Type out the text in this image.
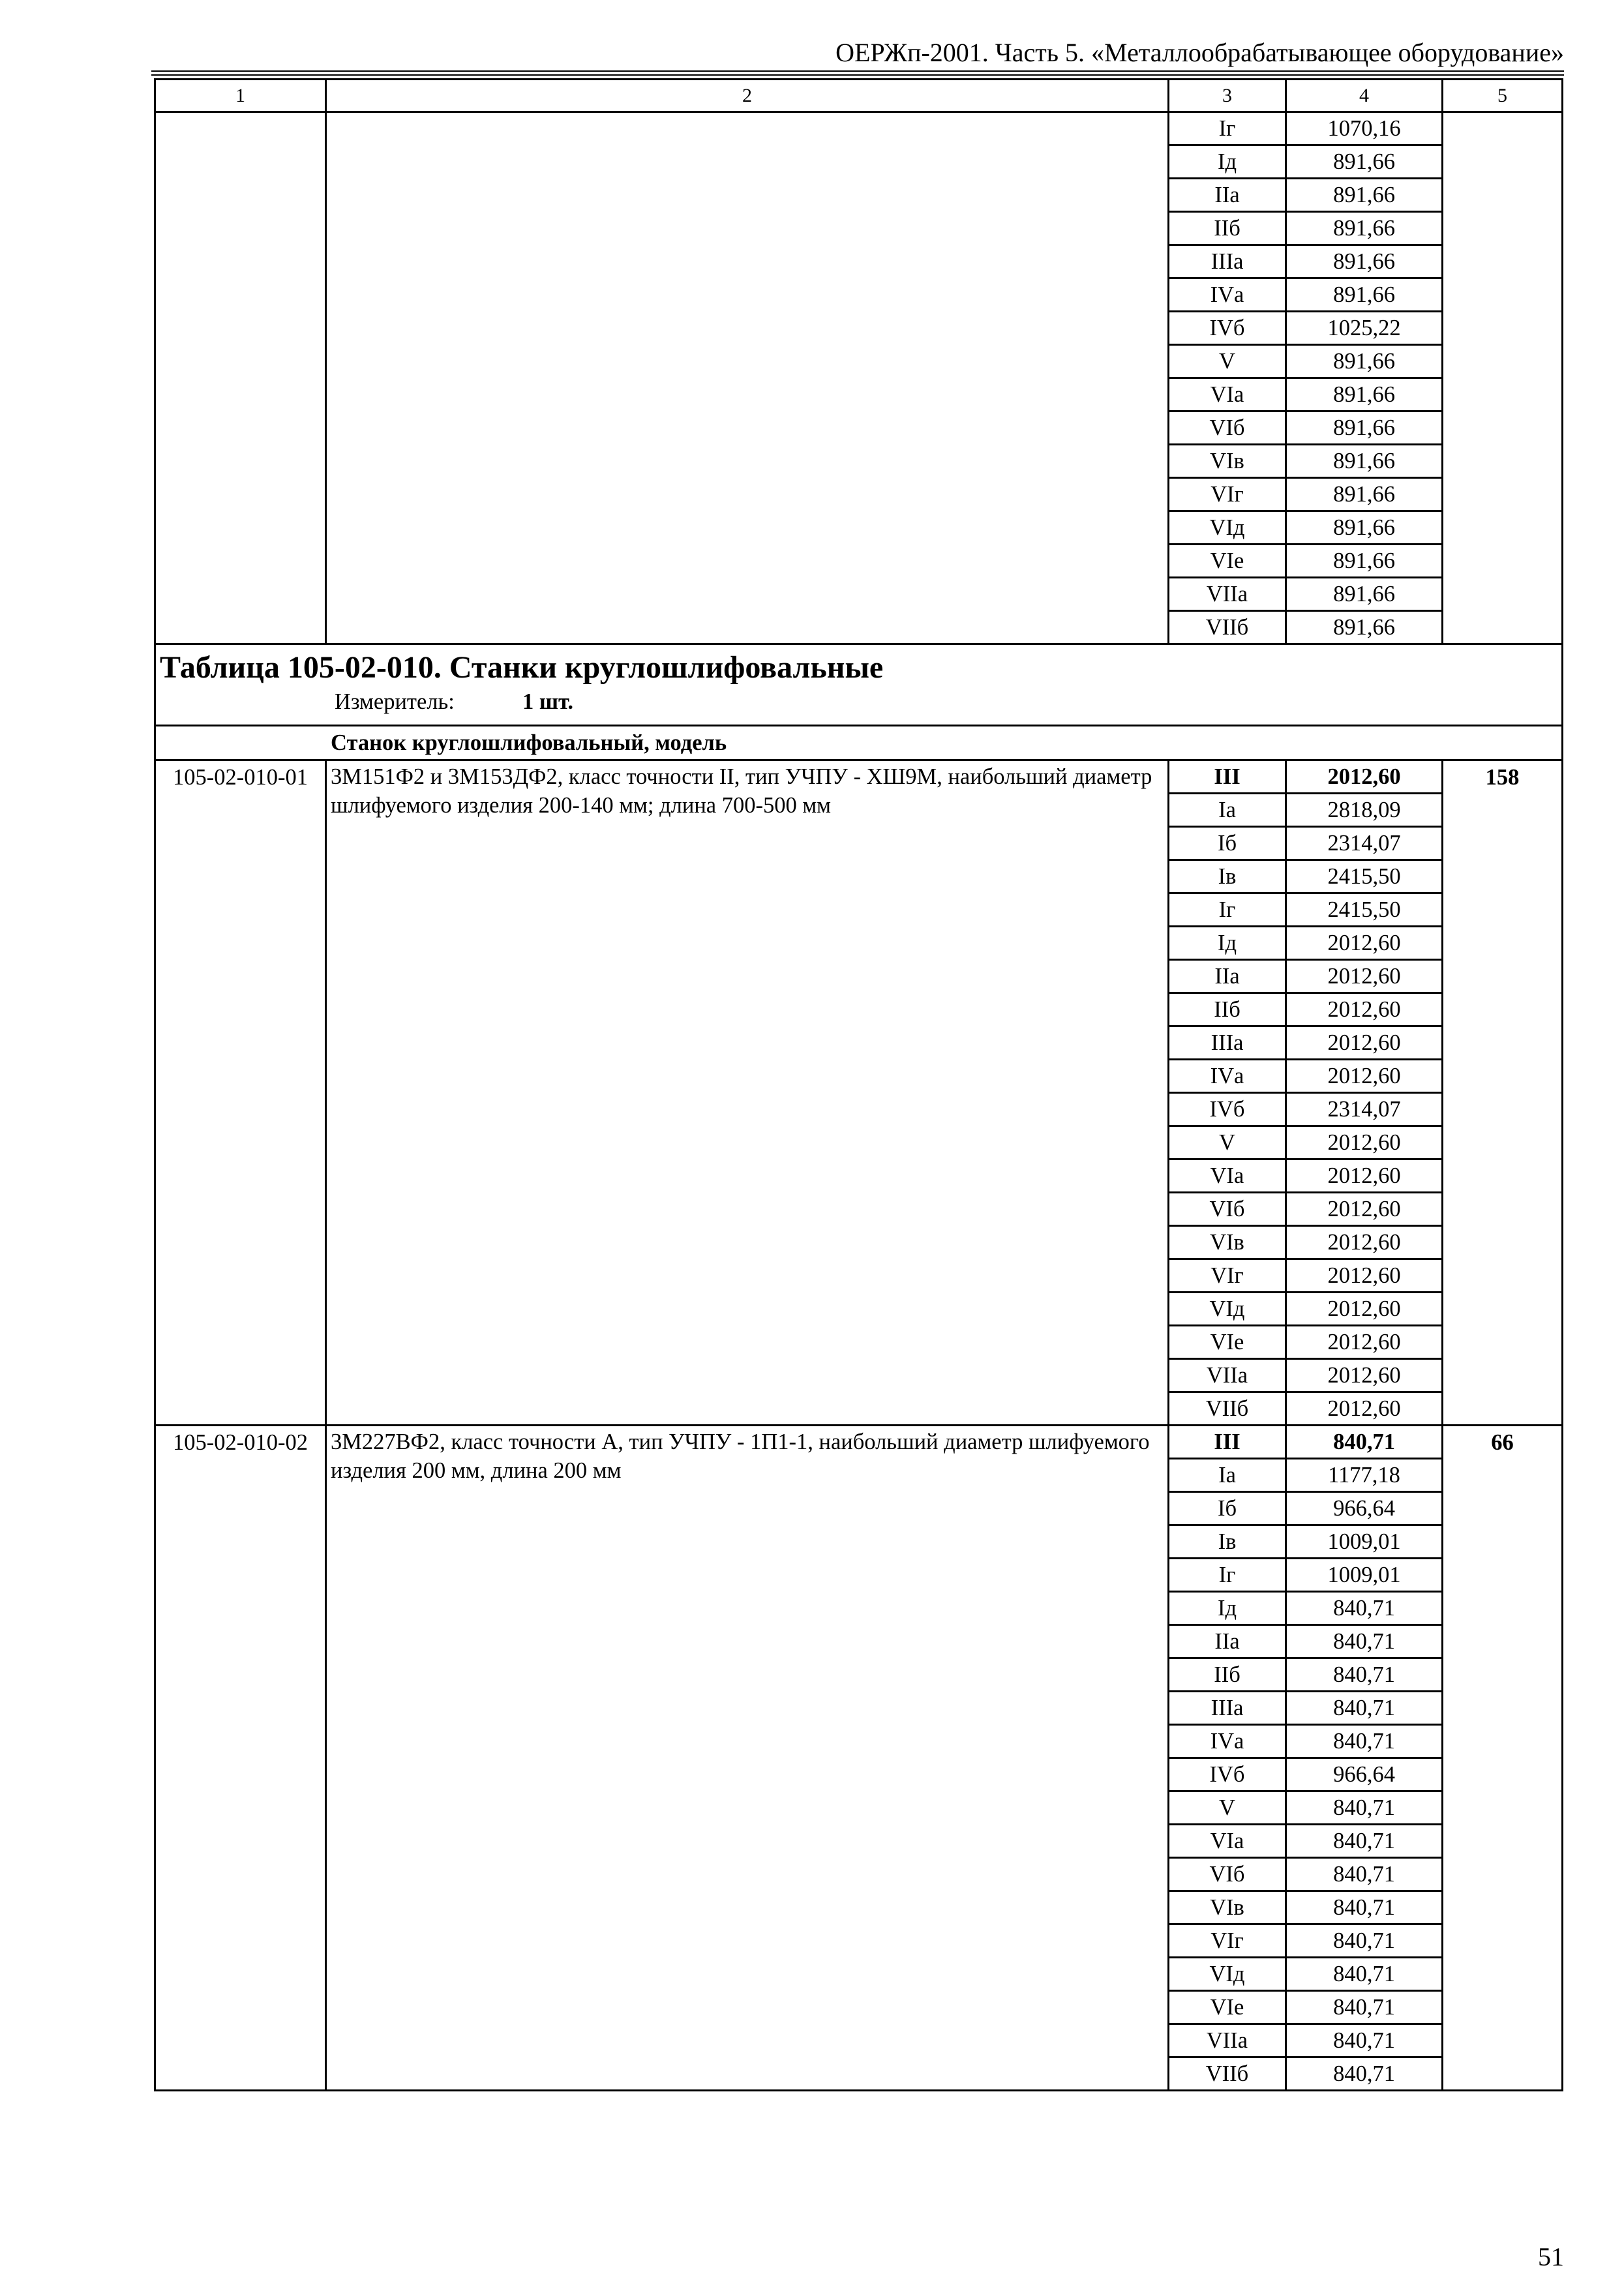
ОЕРЖп-2001. Часть 5. «Металлообрабатывающее оборудование»
1	2	3	4	5
		Iг	1070,16	
		Iд	891,66	
		IIа	891,66	
		IIб	891,66	
		IIIа	891,66	
		IVа	891,66	
		IVб	1025,22	
		V	891,66	
		VIа	891,66	
		VIб	891,66	
		VIв	891,66	
		VIг	891,66	
		VIд	891,66	
		VIе	891,66	
		VIIа	891,66	
		VIIб	891,66	

Таблица 105-02-010. Станки круглошлифовальные
Измеритель: 1 шт.				

Станок круглошлифовальный, модель				
105-02-010-01	3М151Ф2 и 3М153ДФ2, класс точности II, тип УЧПУ - ХШ9М, наибольший диаметр шлифуемого изделия 200-140 мм; длина 700-500 мм	III	2012,60	158
		Iа	2818,09	
		Iб	2314,07	
		Iв	2415,50	
		Iг	2415,50	
		Iд	2012,60	
		IIа	2012,60	
		IIб	2012,60	
		IIIа	2012,60	
		IVа	2012,60	
		IVб	2314,07	
		V	2012,60	
		VIа	2012,60	
		VIб	2012,60	
		VIв	2012,60	
		VIг	2012,60	
		VIд	2012,60	
		VIе	2012,60	
		VIIа	2012,60	
		VIIб	2012,60	
105-02-010-02	3М227ВФ2, класс точности А, тип УЧПУ - 1П1-1, наибольший диаметр шлифуемого изделия 200 мм, длина 200 мм	III	840,71	66
		Iа	1177,18	
		Iб	966,64	
		Iв	1009,01	
		Iг	1009,01	
		Iд	840,71	
		IIа	840,71	
		IIб	840,71	
		IIIа	840,71	
		IVа	840,71	
		IVб	966,64	
		V	840,71	
		VIа	840,71	
		VIб	840,71	
		VIв	840,71	
		VIг	840,71	
		VIд	840,71	
		VIе	840,71	
		VIIа	840,71	
		VIIб	840,71	
51
